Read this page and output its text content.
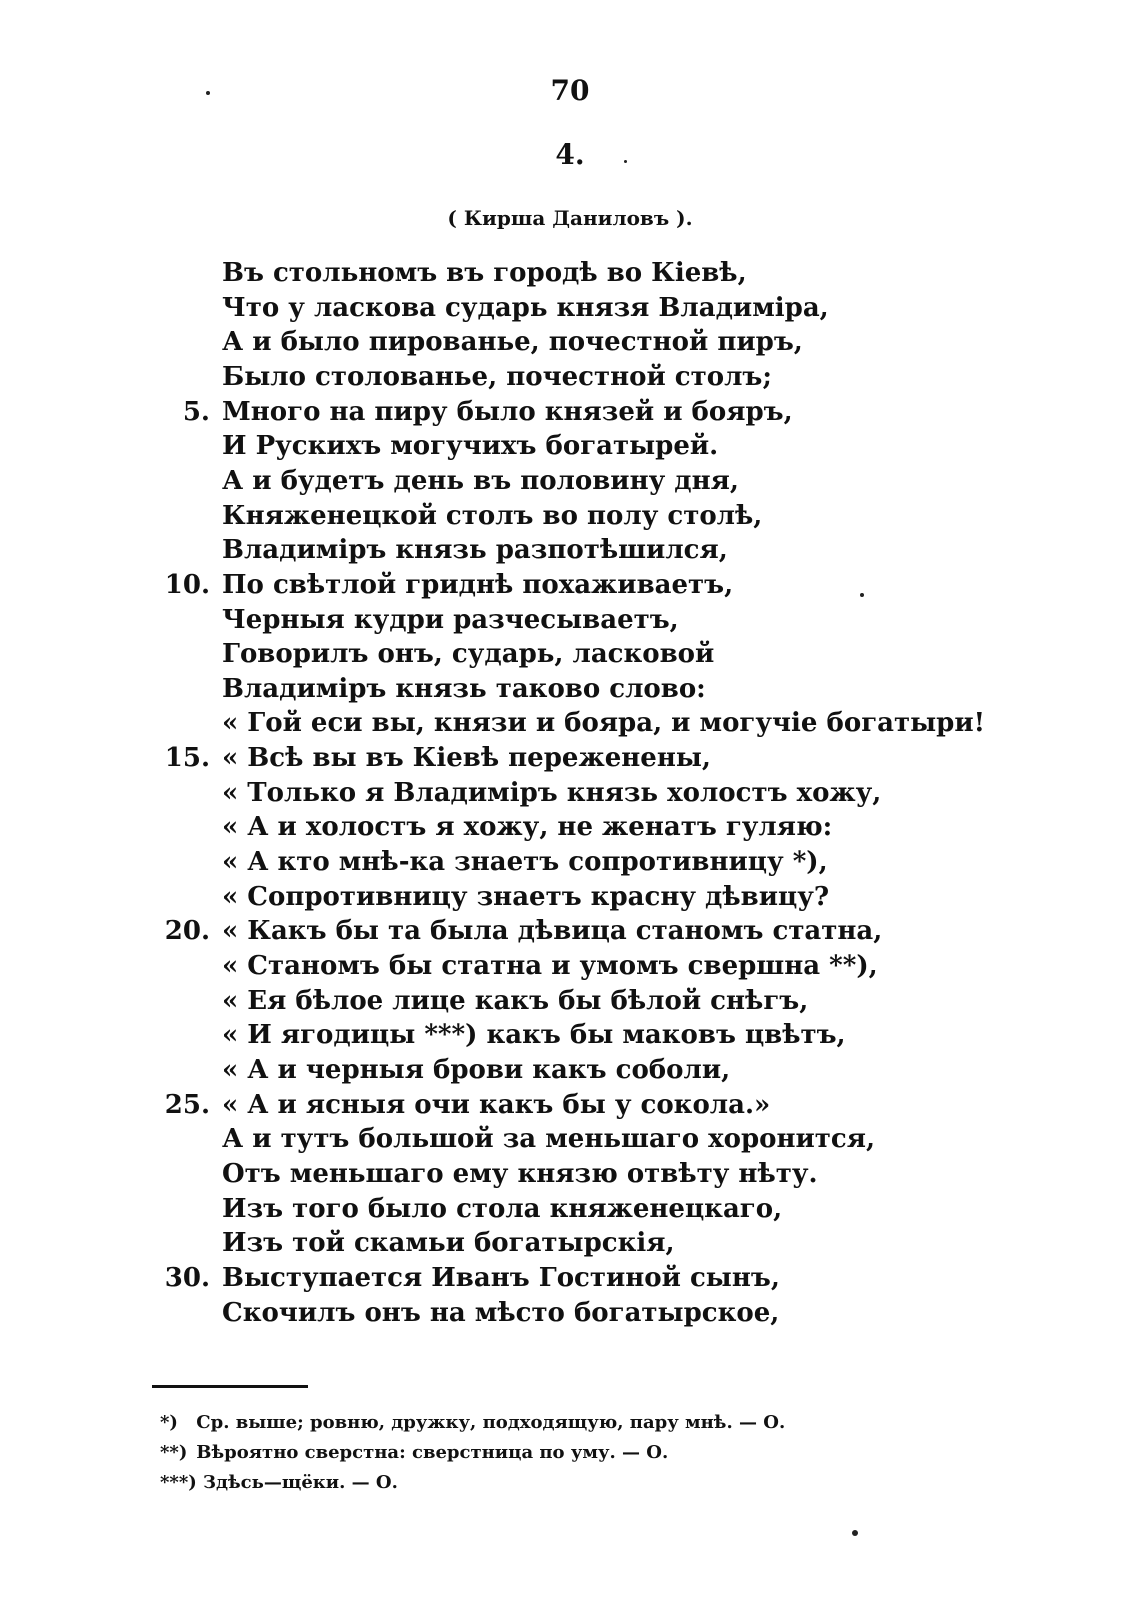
70
4.
( Кирша Даниловъ ).
Въ стольномъ въ городѣ во Кіевѣ,
Что у ласкова сударь князя Владиміра,
А и было пированье, почестной пиръ,
Было столованье, почестной столъ;
5. Много на пиру было князей и бояръ,
И Рускихъ могучихъ богатырей.
А и будетъ день въ половину дня,
Княженецкой столъ во полу столѣ,
Владиміръ князь разпотѣшился,
10. По свѣтлой гриднѣ похаживаетъ,
Черныя кудри разчесываетъ,
Говорилъ онъ, сударь, ласковой
Владиміръ князь таково слово:
« Гой еси вы, князи и бояра, и могучіе богатыри!
15. « Всѣ вы въ Кіевѣ переженены,
« Только я Владиміръ князь холостъ хожу,
« А и холостъ я хожу, не женатъ гуляю:
« А кто мнѣ-ка знаетъ сопротивницу *),
« Сопротивницу знаетъ красну дѣвицу?
20. « Какъ бы та была дѣвица станомъ статна,
« Станомъ бы статна и умомъ свершна **),
« Ея бѣлое лице какъ бы бѣлой снѣгъ,
« И ягодицы ***) какъ бы маковъ цвѣтъ,
« А и черныя брови какъ соболи,
25. « А и ясныя очи какъ бы у сокола.»
А и тутъ большой за меньшаго хоронится,
Отъ меньшаго ему князю отвѣту нѣту.
Изъ того было стола княженецкаго,
Изъ той скамьи богатырскія,
30. Выступается Иванъ Гостиной сынъ,
Скочилъ онъ на мѣсто богатырское,
*) Ср. выше; ровню, дружку, подходящую, пару мнѣ. — О.
**) Вѣроятно сверстна: сверстница по уму. — О.
***) Здѣсь—щёки. — О.
